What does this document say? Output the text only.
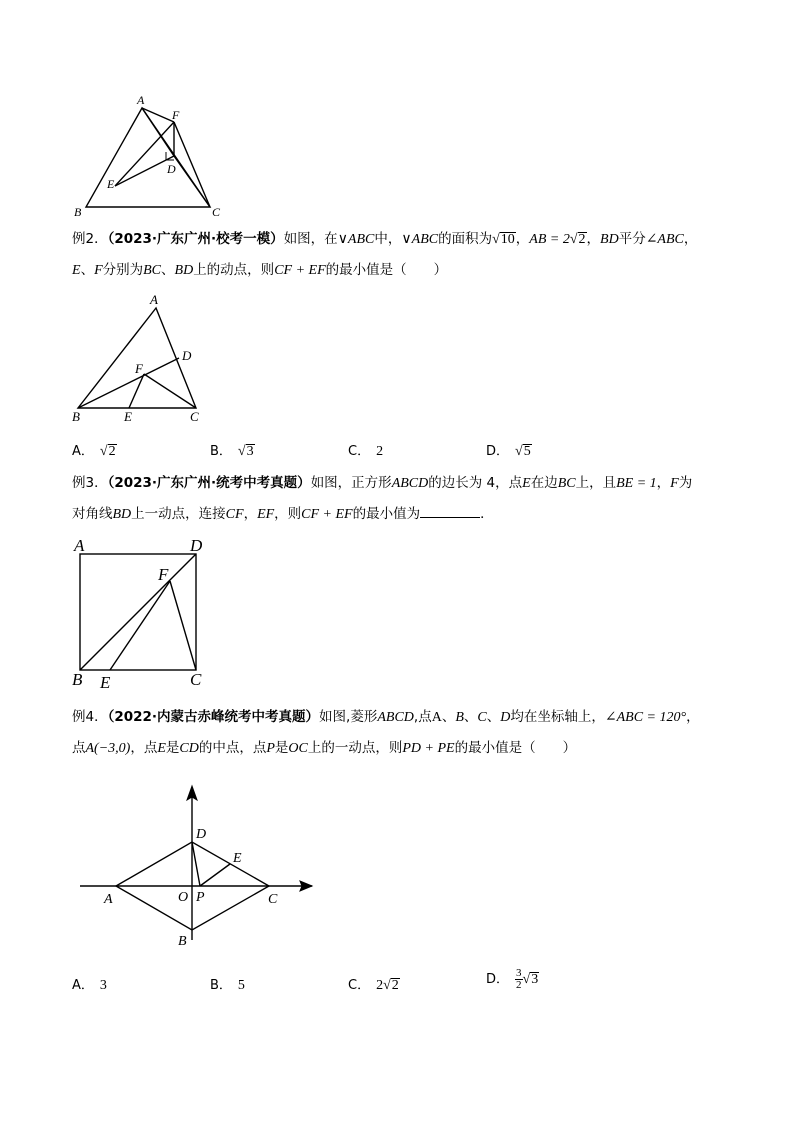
A
F
D
E
B	C
例2．（2023·广东广州·校考一模）如图，在∨ABC中，∨ABC的面积为√10，AB = 2√2，BD平分∠ABC，
E、F分别为BC、BD上的动点，则CF + EF的最小值是（　　）
A
D
F
B	E	C
A． √2	B． √3	C． 2	D． √5
例3．（2023·广东广州·统考中考真题）如图，正方形ABCD的边长为 4，点E在边BC上，且BE = 1，F为
对角线BD上一动点，连接CF，EF，则CF + EF的最小值为	．
A	D
F
B E	C
例4．（2022·内蒙古赤峰统考中考真题）如图,菱形ABCD,点A、B、C、D均在坐标轴上，∠ABC = 120°，
点A(−3,0)，点E是CD的中点，点P是OC上的一动点，则PD + PE的最小值是（　　）
D
E
A	O P	C
B
A． 3	B． 5	C． 2√2	D． $\frac{3}{2} √3$
